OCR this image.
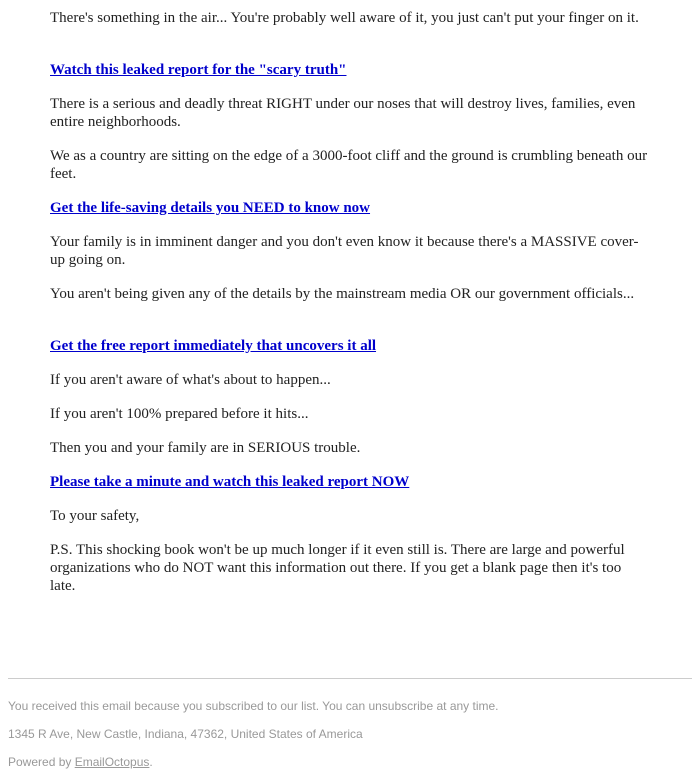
There's something in the air... You're probably well aware of it, you just can't put your finger on it.

Watch this leaked report for the "scary truth"

There is a serious and deadly threat RIGHT under our noses that will destroy lives, families, even entire neighborhoods.

We as a country are sitting on the edge of a 3000-foot cliff and the ground is crumbling beneath our feet.

Get the life-saving details you NEED to know now

Your family is in imminent danger and you don't even know it because there's a MASSIVE cover-up going on.

You aren't being given any of the details by the mainstream media OR our government officials...

Get the free report immediately that uncovers it all

If you aren't aware of what's about to happen...

If you aren't 100% prepared before it hits...

Then you and your family are in SERIOUS trouble.

Please take a minute and watch this leaked report NOW

To your safety,

P.S. This shocking book won't be up much longer if it even still is. There are large and powerful organizations who do NOT want this information out there. If you get a blank page then it's too late.

You received this email because you subscribed to our list. You can unsubscribe at any time.

1345 R Ave, New Castle, Indiana, 47362, United States of America

Powered by EmailOctopus.
